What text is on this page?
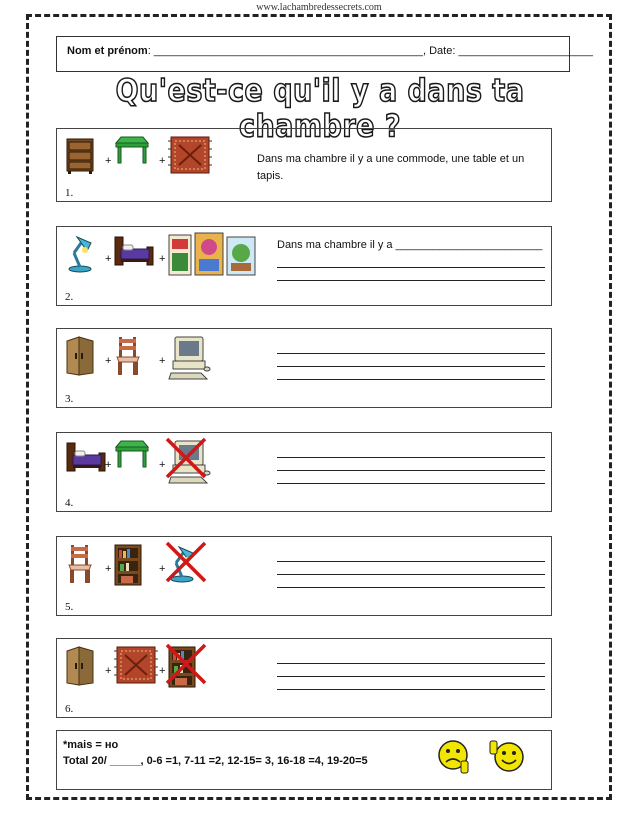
www.lachambredessecrets.com
Nom et prénom: ____________________________________________, Date: ______________________
Qu'est-ce qu'il y a dans ta chambre ?
+	+
1.
Dans ma chambre il y a une commode, une table et un tapis.
+	+
2.
Dans ma chambre il y a ________________________
+	+
3.
+	+
4.
+	+
5.
+	+
6.
*mais = но
Total 20/ _____, 0-6 =1, 7-11 =2, 12-15= 3, 16-18 =4, 19-20=5
